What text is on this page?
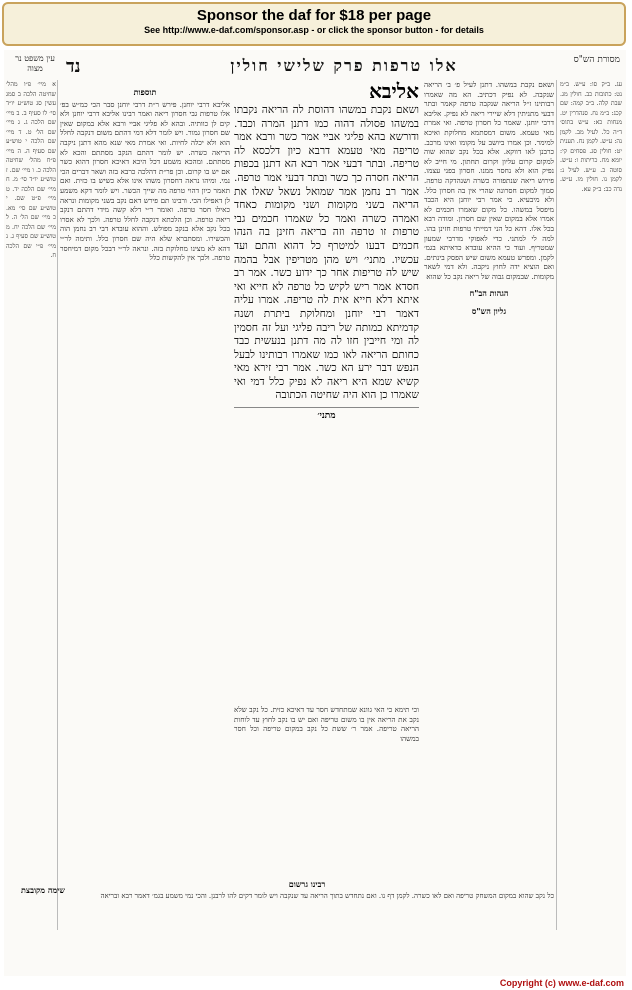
Sponsor the daf for $18 per page
See http://www.e-daf.com/sponsor.asp - or click the sponsor button - for details
מסורת הש"ס
עין משפט נר מצוה	אלו טרפות פרק שלישי חולין
נד
עג. ב״ק סו: ע״ש. ב״מ נט: כתובות כב. חולין מג. שבת קלה. ב״ב קמה: שם קכג: ב״מ נח. סנהדרין יט. מנחות כא: ע״ש בתוס׳ ד״ה כל. לעיל מב. לקמן נה: ע״ש. לקמן נח. תענית יט: חולין סג. פסחים קי: יומא מח. כריתות ו: ע״ש. סוטה כ. ע״ש. לעיל נ: לקמן נו. חולין מו. ע״ש. נדה כב: ב״ק עא.
ושאם נקבת במשהו. דתנן לעיל פ׳ ב׳ הריאה שנקבה. לא נפיק דכתיב. הא מה שאמרו רבותינו ז״ל הריאה שנקבה טרפה קאמר ובתר דבעי מתניתין דלא שיירי ריאה לא נפיק. אליבא דרבי יוחנן. שאמר כל חסרון טרפה. ואי אמרת מאי טעמא. משום דמסתמא מחלוקת ואיכא למימר. וכן אמרו ביושב על מקומו ואינו מרכב. כרבנן לאו דווקא. אלא בכל נקב שהוא שוה למקום קרום עליון וקרום תחתון. מי חייב לא נפיק הוא ולא נחסר ממנו. חסרון בפני עצמו. פירוש ריאה שנתפזרה כשרה ושנהדקה טרפה. סמוך למקום חסרונה שהרי אין בה חסרון כלל. ולא מיבעיא. כי אמר רבי יוחנן היא הכבד מיפסל במשהו. כל מקום שאמרו חכמים לא אמרו אלא במקום שאין שם חסרון. ומודה רבא בכל אלו. דהא כל הני דמייתי טרפות חזינן בהו. למה לי למתני. כדי לאפוקי מדרבי שמעון שמטריף. ועוד כי ההיא עובדא כדאיתא בגמ׳ לקמן. ומפרש טעמא משום שיש הפסק בינתים. ואם הוציא ידה לחוץ ניקבה. ולא דמי לשאר מקומות. שבמקום גבוה של ריאה נקב כל שהוא
הגהות הב"ח
גליון הש"ס
אליבא
ושאם נקבת במשהו דהוסת לה הריאה נקבתו במשהו פסולה דהוה כמו דתנן המרה וכבד. ודורשא בהא פליגי אביי אמר כשר ורבא אמר טריפה מאי טעמא דרבא כיון דלכסא לה טריפה. ובתר דבעי אמר רבא הא דתנן בכפות הריאה חסרה כך כשר ובתר דבעי אמר טרפה. אמר רב נחמן אמר שמואל נשאל שאלו את הריאה בשני מקומות ושני מקומות כאחד ואמרה כשרה ואמר כל שאמרו חכמים גבי טרפות זו טרפה וזה בריאה חזינן בה הנהו חכמים דבעו למיטרף כל דהוא והתם ועד עכשיו. מתני׳ ויש מהן מטריפין אבל בהמה שיש לה טריפות אחר כך ידוע כשר. אמר רב חסדא אמר ריש לקיש כל טרפה לא חייא ואי איתא דלא חייא אית לה טריפה. אמרו עליה דאמר רבי יוחנן ומחלוקת ביתרת ושנה קדמיתא כמותה של ריבה פליגי ועל זה חסמין לה ומי חייבין חזו לה מה דתנן בנעשית כבד כחותם הריאה לאו כמו שאמרו רבותינו לבעל הנפש דבר ירע הא כשר. אמר רבי זירא מאי קשיא שמא היא ריאה לא נפיק כלל דמי ואי שאמרו כן הוא היה שחיטה הכתובה
מתני׳
וכי תימא כי האי גוונא שמתחדש חסר עד דאיכא כזית. כל נקב שלא נקב את הריאה אין בו משום טריפה ואם יש בו נקב לחוץ עד לוחות הריאה טריפה. אמר ר׳ ששת כל נקב במקום טריפה וכל חסר במשהו
תוספות
אליבא דרבי יוחנן. פירש ר״ת דרבי יוחנן סבר הכי כמ״ש בפ׳ אלו טרפות גבי חסרון ריאה ואמר רבינו אליבא דרבי יוחנן ולא קים לן כוותיה. ובהא לא פליגי אביי ורבא אלא במקום שאין שם חסרון גמור. ויש לומר דלא דמי דהתם משום דנקבה לחלל הוא ולא יכלה לחיות. ואי אמרת מאי שנא מהא דתנן ניקבה הריאה כשרה. יש לומר דהתם הנקב מסתתם והכא לא מסתתם. ומהכא משמע דכל היכא דאיכא חסרון דהוא כשר אם יש בו קרום. וכן פר״ת דהלכה כרבא בזה ושאר דברים הכי נמי. ומיהו נראה דחסרון משהו אינו אלא כשיש בו כזית. ואם תאמר כיון דהוי טרפה מה שייך הכשר. ויש לומר דקא משמע לן דאפילו הכי. ורבינו תם פירש דאם נקב בשני מקומות ונראה כאילו חסר טרפה. ואומר ר״י דלא קשה מידי דהתם דנקב ריאה טרפה. וכן הלכתא דנקבה לחלל טרפה. ולכך לא אסרו בכל נקב אלא בנקב מפולש. וההוא עובדא דבי רב נחמן הוה והכשירו. ומסתברא שלא היה שם חסרון כלל. ותימה לר״י דהא לא מצינו מחלוקת בזה. ונראה לר״י דבכל מקום דמיחסר טרפה. ולכך אין להקשות כלל
א מיי׳ פ״ו מהל׳ שחיטה הלכה ב סמג עשין סג טוש״ע יו״ד סי׳ לו סעיף ב. ב מיי׳ שם הלכה ג. ג מיי׳ שם הל׳ ט. ד מיי׳ שם הלכה י טוש״ע שם סעיף ה. ה מיי׳ פ״ח מהל׳ שחיטה הלכה כ. ו מיי׳ שם. ז טוש״ע יו״ד סי׳ מ. ח מיי׳ שם הלכה יד. ט מיי׳ פ״ט שם. י טוש״ע שם סי׳ מא. כ מיי׳ שם הל׳ ה. ל מיי׳ שם הלכה יח. מ טוש״ע שם סעיף ג. נ מיי׳ פ״י שם הלכה ח.
רבינו גרשום
כל נקב שהוא במקום המשחק טריפה ואם לאו כשרה. לקמן דף נו. ואם נתחדש בתוך הריאה עד שנקבה ויש לומר דקים להו לרבנן. והכי נמי משמע בגמ׳ דאמר רבא ובריאה
שימה מקובצת
Copyright (c) www.e-daf.com
